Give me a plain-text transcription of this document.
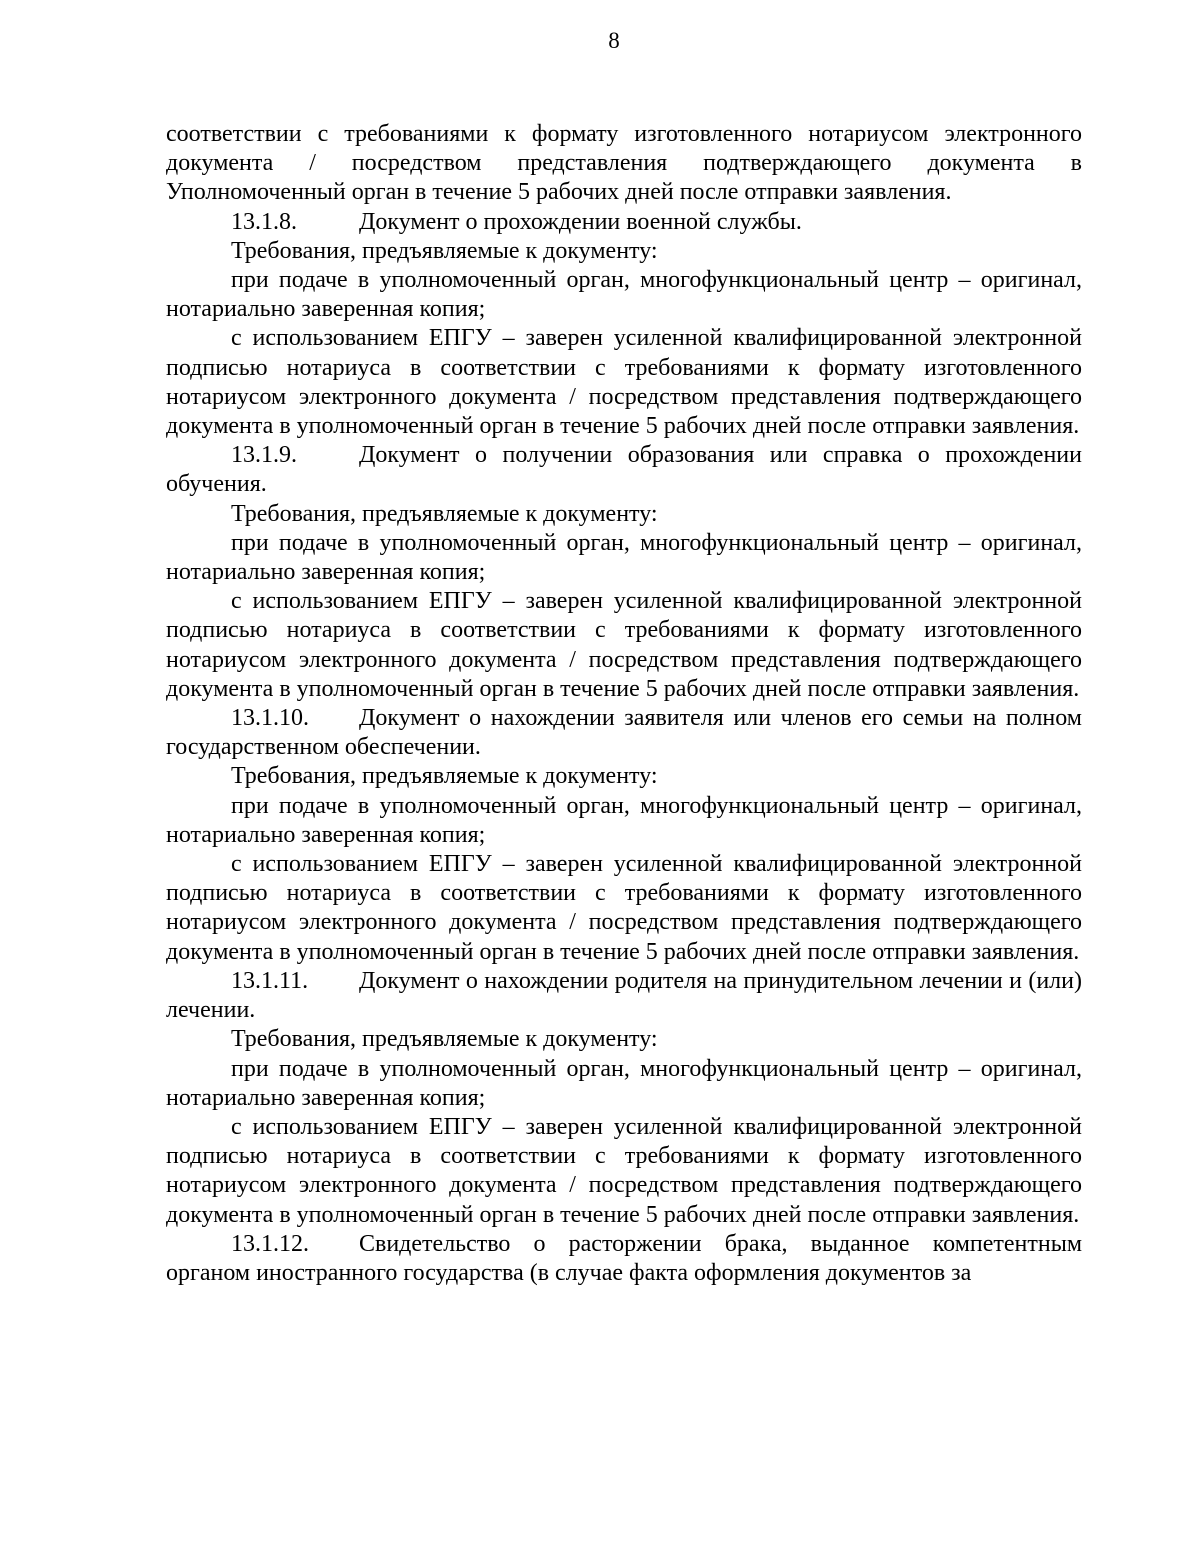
8

соответствии с требованиями к формату изготовленного нотариусом электронного документа / посредством представления подтверждающего документа в Уполномоченный орган в течение 5 рабочих дней после отправки заявления.

13.1.8.	Документ о прохождении военной службы.

Требования, предъявляемые к документу:

при подаче в уполномоченный орган, многофункциональный центр – оригинал, нотариально заверенная копия;

с использованием ЕПГУ – заверен усиленной квалифицированной электронной подписью нотариуса в соответствии с требованиями к формату изготовленного нотариусом электронного документа / посредством представления подтверждающего документа в уполномоченный орган в течение 5 рабочих дней после отправки заявления.

13.1.9.	Документ о получении образования или справка о прохождении обучения.

Требования, предъявляемые к документу:

при подаче в уполномоченный орган, многофункциональный центр – оригинал, нотариально заверенная копия;

с использованием ЕПГУ – заверен усиленной квалифицированной электронной подписью нотариуса в соответствии с требованиями к формату изготовленного нотариусом электронного документа / посредством представления подтверждающего документа в уполномоченный орган в течение 5 рабочих дней после отправки заявления.

13.1.10. Документ о нахождении заявителя или членов его семьи на полном государственном обеспечении.

Требования, предъявляемые к документу:

при подаче в уполномоченный орган, многофункциональный центр – оригинал, нотариально заверенная копия;

с использованием ЕПГУ – заверен усиленной квалифицированной электронной подписью нотариуса в соответствии с требованиями к формату изготовленного нотариусом электронного документа / посредством представления подтверждающего документа в уполномоченный орган в течение 5 рабочих дней после отправки заявления.

13.1.11. Документ о нахождении родителя на принудительном лечении и (или) лечении.

Требования, предъявляемые к документу:

при подаче в уполномоченный орган, многофункциональный центр – оригинал, нотариально заверенная копия;

с использованием ЕПГУ – заверен усиленной квалифицированной электронной подписью нотариуса в соответствии с требованиями к формату изготовленного нотариусом электронного документа / посредством представления подтверждающего документа в уполномоченный орган в течение 5 рабочих дней после отправки заявления.

13.1.12. Свидетельство о расторжении брака, выданное компетентным органом иностранного государства (в случае факта оформления документов за
